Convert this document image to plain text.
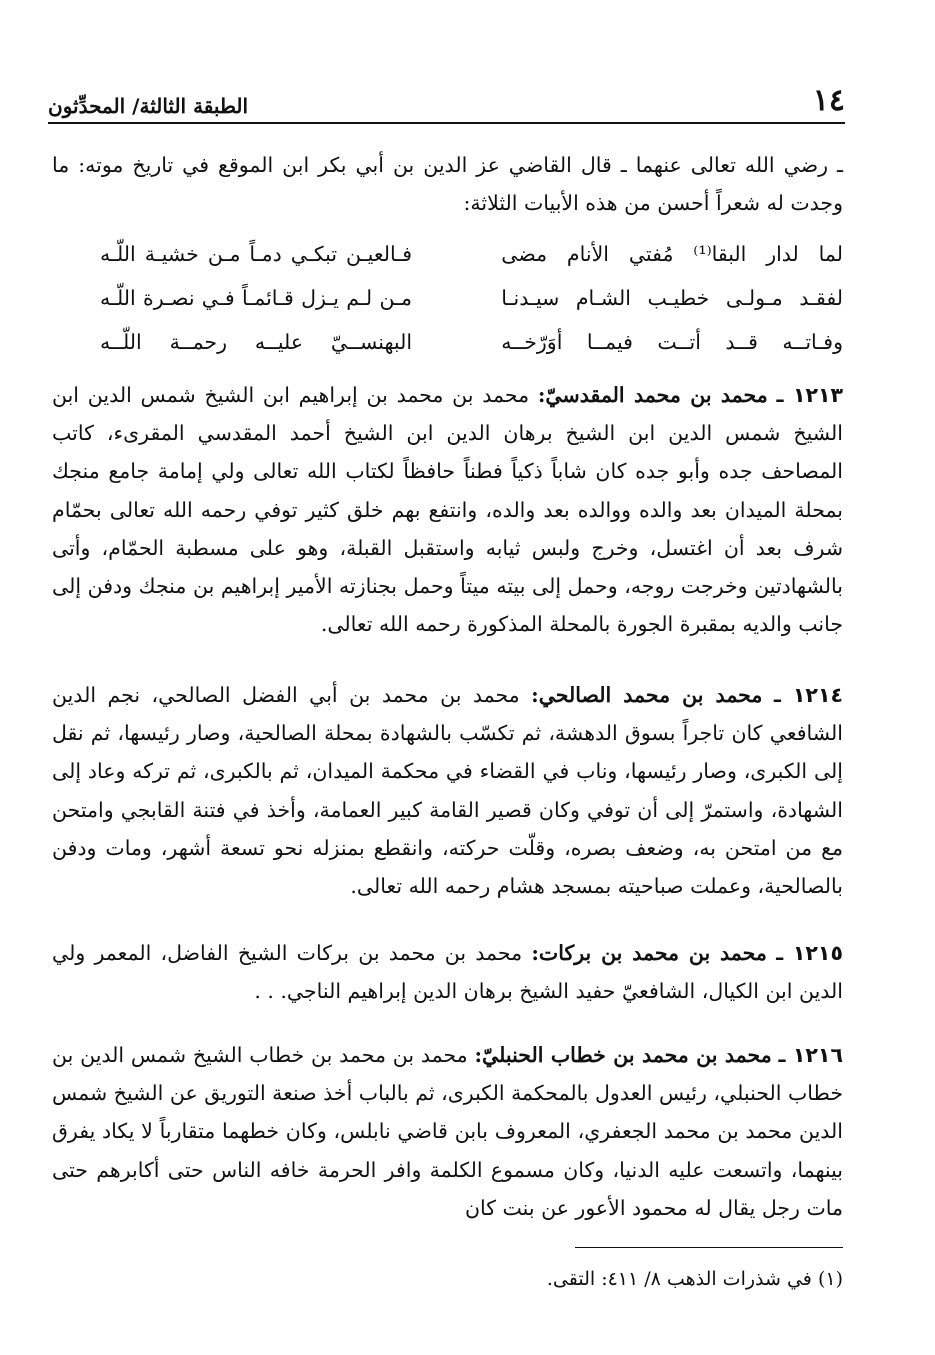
١٤
الطبقة الثالثة/ المحدِّثون

ـ رضي الله تعالى عنهما ـ قال القاضي عز الدين بن أبي بكر ابن الموقع في تاريخ موته: ما وجدت له شعراً أحسن من هذه الأبيات الثلاثة:

لما لدار البقا⁽¹⁾ مُفتي الأنام مضى
فـالعيـن تبكـي دمـاً مـن خشيـة اللّـه
لفقـد مـولـى خطيـب الشـام سيـدنـا
مـن لـم يـزل قـائمـاً فـي نصـرة اللّـه
وفـاتــه قــد أتــت فيمــا أوَرّخــه
البهنســيّ عليــه رحمــة اللّــه

١٢١٣ ـ محمد بن محمد المقدسيّ: محمد بن محمد بن إبراهيم ابن الشيخ شمس الدين ابن الشيخ شمس الدين ابن الشيخ برهان الدين ابن الشيخ أحمد المقدسي المقرىء، كاتب المصاحف جده وأبو جده كان شاباً ذكياً فطناً حافظاً لكتاب الله تعالى ولي إمامة جامع منجك بمحلة الميدان بعد والده ووالده بعد والده، وانتفع بهم خلق كثير توفي رحمه الله تعالى بحمّام شرف بعد أن اغتسل، وخرج ولبس ثيابه واستقبل القبلة، وهو على مسطبة الحمّام، وأتى بالشهادتين وخرجت روجه، وحمل إلى بيته ميتاً وحمل بجنازته الأمير إبراهيم بن منجك ودفن إلى جانب والديه بمقبرة الجورة بالمحلة المذكورة رحمه الله تعالى.

١٢١٤ ـ محمد بن محمد الصالحي: محمد بن محمد بن أبي الفضل الصالحي، نجم الدين الشافعي كان تاجراً بسوق الدهشة، ثم تكسّب بالشهادة بمحلة الصالحية، وصار رئيسها، ثم نقل إلى الكبرى، وصار رئيسها، وناب في القضاء في محكمة الميدان، ثم بالكبرى، ثم تركه وعاد إلى الشهادة، واستمرّ إلى أن توفي وكان قصير القامة كبير العمامة، وأخذ في فتنة القابجي وامتحن مع من امتحن به، وضعف بصره، وقلّت حركته، وانقطع بمنزله نحو تسعة أشهر، ومات ودفن بالصالحية، وعملت صباحيته بمسجد هشام رحمه الله تعالى.

١٢١٥ ـ محمد بن محمد بن بركات: محمد بن محمد بن بركات الشيخ الفاضل، المعمر ولي الدين ابن الكيال، الشافعيّ حفيد الشيخ برهان الدين إبراهيم الناجي. . .

١٢١٦ ـ محمد بن محمد بن خطاب الحنبليّ: محمد بن محمد بن خطاب الشيخ شمس الدين بن خطاب الحنبلي، رئيس العدول بالمحكمة الكبرى، ثم بالباب أخذ صنعة التوريق عن الشيخ شمس الدين محمد بن محمد الجعفري، المعروف بابن قاضي نابلس، وكان خطهما متقارباً لا يكاد يفرق بينهما، واتسعت عليه الدنيا، وكان مسموع الكلمة وافر الحرمة خافه الناس حتى أكابرهم حتى مات رجل يقال له محمود الأعور عن بنت كان

(١) في شذرات الذهب ٨/ ٤١١: التقى.
